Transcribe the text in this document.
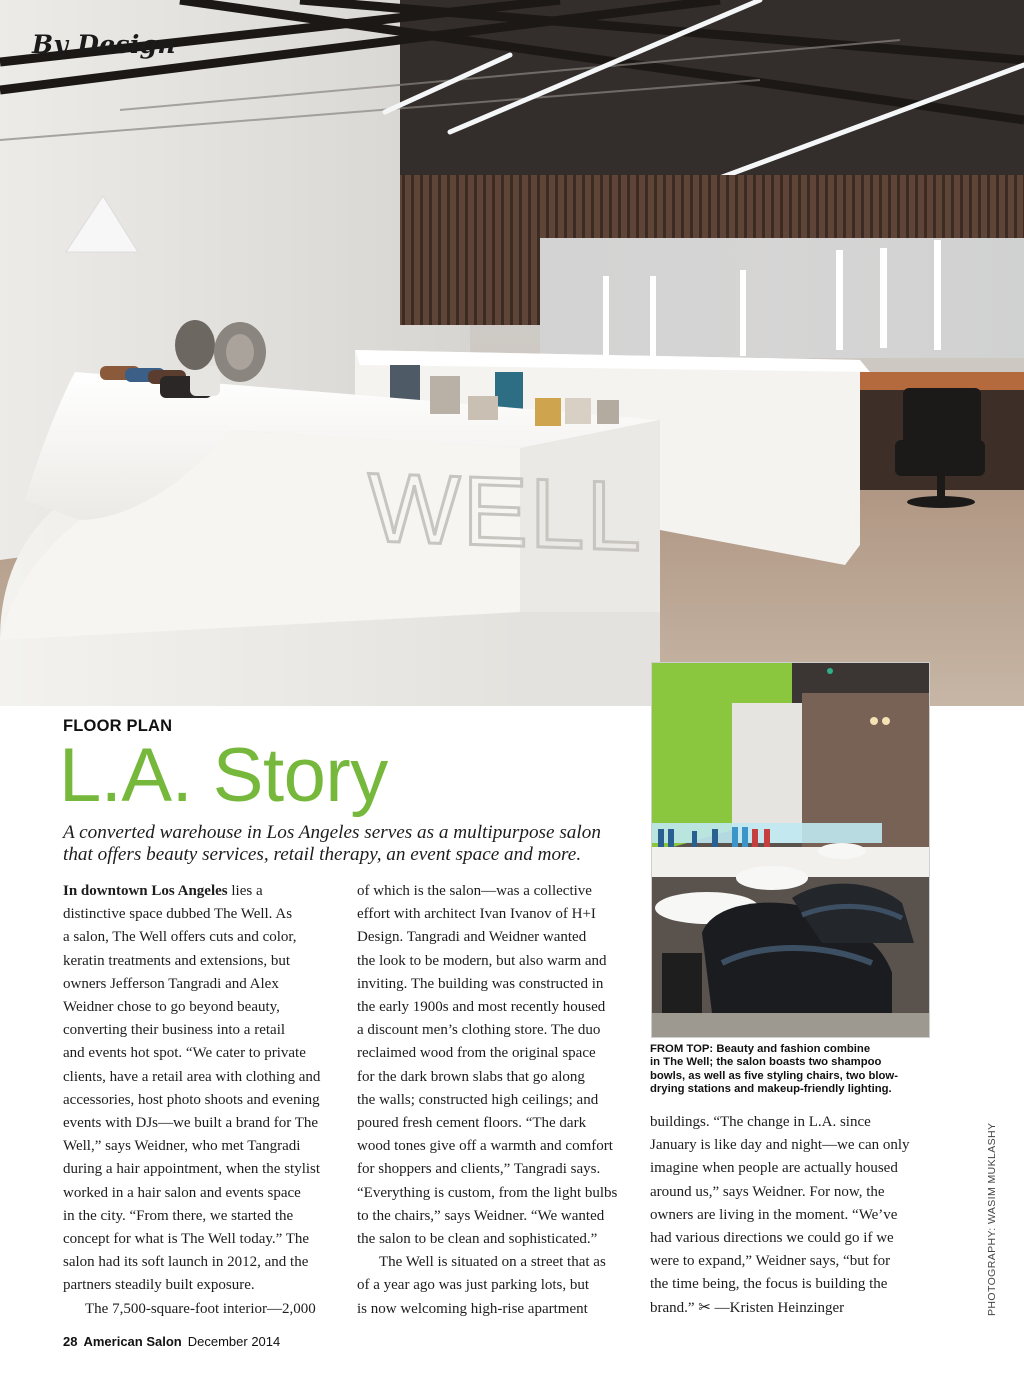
WELL
By Design
FLOOR PLAN
L.A. Story
A converted warehouse in Los Angeles serves as a multipurpose salon
that offers beauty services, retail therapy, an event space and more.
In downtown Los Angeles lies a
distinctive space dubbed The Well. As
a salon, The Well offers cuts and color,
keratin treatments and extensions, but
owners Jefferson Tangradi and Alex
Weidner chose to go beyond beauty,
converting their business into a retail
and events hot spot. “We cater to private
clients, have a retail area with clothing and
accessories, host photo shoots and evening
events with DJs—we built a brand for The
Well,” says Weidner, who met Tangradi
during a hair appointment, when the stylist
worked in a hair salon and events space
in the city. “From there, we started the
concept for what is The Well today.” The
salon had its soft launch in 2012, and the
partners steadily built exposure.
The 7,500-square-foot interior—2,000
of which is the salon—was a collective
effort with architect Ivan Ivanov of H+I
Design. Tangradi and Weidner wanted
the look to be modern, but also warm and
inviting. The building was constructed in
the early 1900s and most recently housed
a discount men’s clothing store. The duo
reclaimed wood from the original space
for the dark brown slabs that go along
the walls; constructed high ceilings; and
poured fresh cement floors. “The dark
wood tones give off a warmth and comfort
for shoppers and clients,” Tangradi says.
“Everything is custom, from the light bulbs
to the chairs,” says Weidner. “We wanted
the salon to be clean and sophisticated.”
The Well is situated on a street that as
of a year ago was just parking lots, but
is now welcoming high-rise apartment
FROM TOP: Beauty and fashion combine
in The Well; the salon boasts two shampoo
bowls, as well as five styling chairs, two blow-
drying stations and makeup-friendly lighting.
buildings. “The change in L.A. since
January is like day and night—we can only
imagine when people are actually housed
around us,” says Weidner. For now, the
owners are living in the moment. “We’ve
had various directions we could go if we
were to expand,” Weidner says, “but for
the time being, the focus is building the
brand.” ✂ —Kristen Heinzinger	PHOTOGRAPHY: WASIM MUKLASHY
28 American Salon December 2014
